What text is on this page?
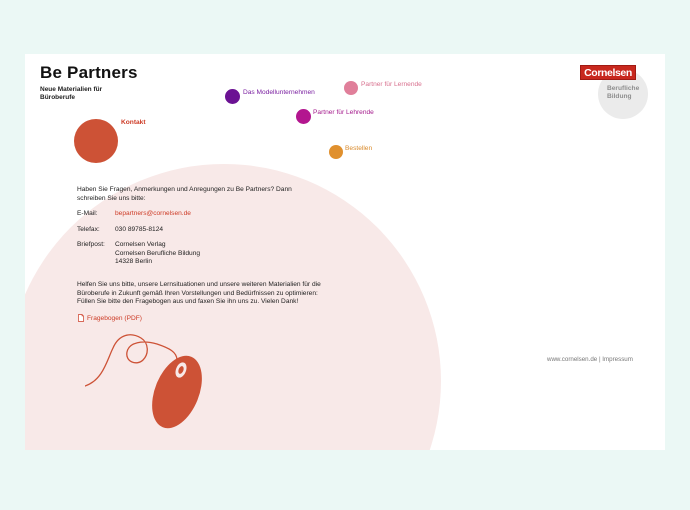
Be Partners
Neue Materialien für
Büroberufe
Kontakt
Das Modellunternehmen
Partner für Lernende
Partner für Lehrende
Bestellen
Cornelsen
Berufliche
Bildung
Haben Sie Fragen, Anmerkungen und Anregungen zu Be Partners? Dann schreiben Sie uns bitte:
E-Mail:	bepartners@cornelsen.de
Telefax: 030 89785-8124
Briefpost: Cornelsen Verlag
Cornelsen Berufliche Bildung
14328 Berlin
Helfen Sie uns bitte, unsere Lernsituationen und unsere weiteren Materialien für die Büroberufe in Zukunft gemäß Ihren Vorstellungen und Bedürfnissen zu optimieren: Füllen Sie bitte den Fragebogen aus und faxen Sie ihn uns zu. Vielen Dank!
Fragebogen (PDF)
www.cornelsen.de | Impressum
